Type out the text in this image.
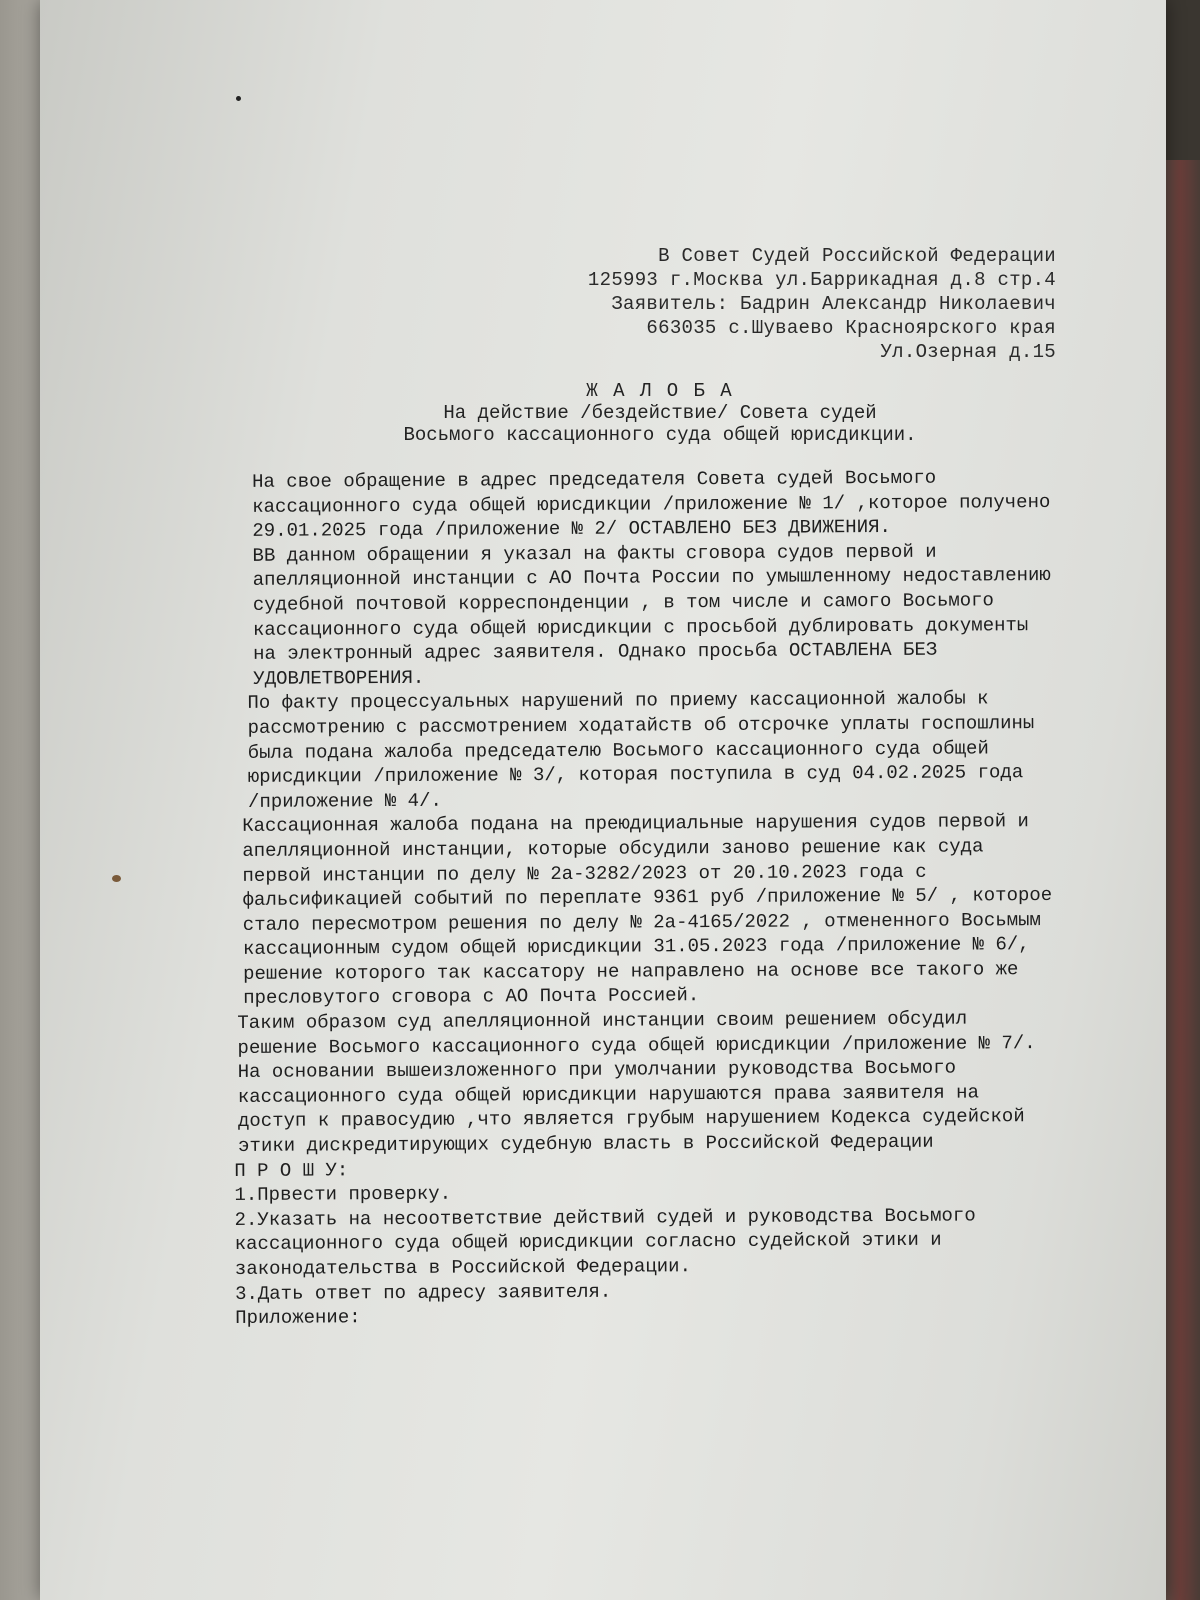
В Совет Судей Российской Федерации
125993 г.Москва ул.Баррикадная д.8 стр.4
Заявитель: Бадрин Александр Николаевич
663035 с.Шуваево Красноярского края
Ул.Озерная д.15
Ж А Л О Б А
На действие /бездействие/ Совета судей
Восьмого кассационного суда общей юрисдикции.
На свое обращение в адрес председателя Совета судей Восьмого
кассационного суда общей юрисдикции /приложение № 1/ ,которое получено
29.01.2025 года /приложение № 2/ ОСТАВЛЕНО БЕЗ ДВИЖЕНИЯ.
ВВ данном обращении я указал на факты сговора судов первой и
апелляционной инстанции с АО Почта России по умышленному недоставлению
судебной почтовой корреспонденции , в том числе и самого Восьмого
кассационного суда общей юрисдикции с просьбой дублировать документы
на электронный адрес заявителя. Однако просьба ОСТАВЛЕНА БЕЗ
УДОВЛЕТВОРЕНИЯ.
По факту процессуальных нарушений по приему кассационной жалобы к
рассмотрению с рассмотрением ходатайств об отсрочке уплаты госпошлины
была подана жалоба председателю Восьмого кассационного суда общей
юрисдикции /приложение № 3/, которая поступила в суд 04.02.2025 года
/приложение № 4/.
Кассационная жалоба подана на преюдициальные нарушения судов первой и
апелляционной инстанции, которые обсудили заново решение как суда
первой инстанции по делу № 2а-3282/2023 от 20.10.2023 года с
фальсификацией событий по переплате 9361 руб /приложение № 5/ , которое
стало пересмотром решения по делу № 2а-4165/2022 , отмененного Восьмым
кассационным судом общей юрисдикции 31.05.2023 года /приложение № 6/,
решение которого так кассатору не направлено на основе все такого же
пресловутого сговора с АО Почта Россией.
Таким образом суд апелляционной инстанции своим решением обсудил
решение Восьмого кассационного суда общей юрисдикции /приложение № 7/.
На основании вышеизложенного при умолчании руководства Восьмого
кассационного суда общей юрисдикции нарушаются права заявителя на
доступ к правосудию ,что является грубым нарушением Кодекса судейской
этики дискредитирующих судебную власть в Российской Федерации
П Р О Ш У:
1.Првести проверку.
2.Указать на несоответствие действий судей и руководства Восьмого
кассационного суда общей юрисдикции согласно судейской этики и
законодательства в Российской Федерации.
3.Дать ответ по адресу заявителя.
Приложение:
